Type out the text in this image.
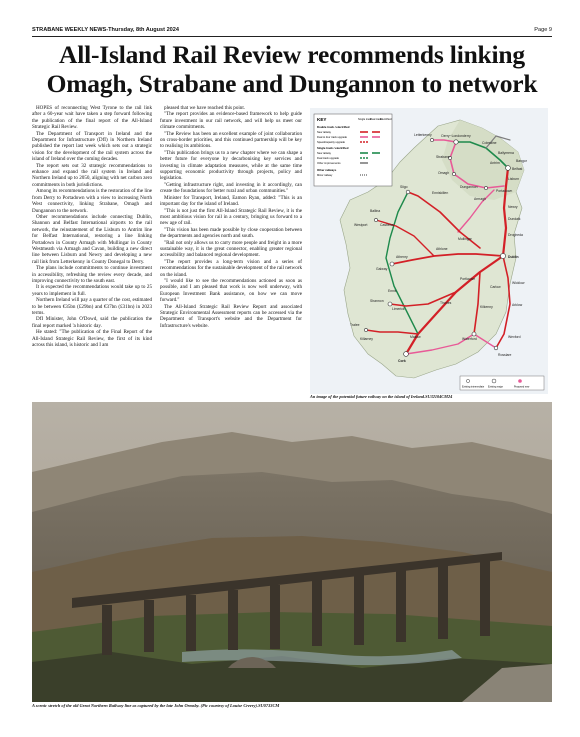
STRABANE WEEKLY NEWS-Thursday, 8th August 2024	Page 9
All-Island Rail Review recommends linking Omagh, Strabane and Dungannon to network

HOPES of reconnecting West Tyrone to the rail link after a 60-year wait have taken a step forward following the publication of the final report of the All-Island Strategic Rail Review.

The Department of Transport in Ireland and the Department for Infrastructure (DfI) in Northern Ireland published the report last week which sets out a strategic vision for the development of the rail system across the island of Ireland over the coming decades.

The report sets out 32 strategic recommendations to enhance and expand the rail system in Ireland and Northern Ireland up to 2050, aligning with net carbon zero commitments in both jurisdictions.

Among its recommendations is the restoration of the line from Derry to Portadown with a view to increasing North West connectivity, linking Strabane, Omagh and Dungannon to the network.

Other recommendations include connecting Dublin, Shannon and Belfast International airports to the rail network, the reinstatement of the Lisburn to Antrim line for Belfast International, restoring a line linking Portadown in County Armagh with Mullingar in County Westmeath via Armagh and Cavan, building a new direct line between Lisburn and Newry and developing a new rail link from Letterkenny in County Donegal to Derry.

The plans include commitments to continue investment in accessibility, refreshing the review every decade, and improving connectivity to the south east.

It is expected the recommendations would take up to 25 years to implement in full.

Northern Ireland will pay a quarter of the cost, estimated to be between €35bn (£29bn) and €37bn (£31bn) in 2023 terms.

DfI Minister, John O'Dowd, said the publication the final report marked 'a historic day.

He stated: "The publication of the Final Report of the All-Island Strategic Rail Review, the first of its kind across this island, is historic and I am

pleased that we have reached this point.

"The report provides an evidence-based framework to help guide future investment in our rail network, and will help us meet our climate commitments.

"The Review has been an excellent example of joint collaboration on cross-border priorities, and this continued partnership will be key to realising its ambitions.

"This publication brings us to a new chapter where we can shape a better future for everyone by decarbonising key services and investing in climate adaptation measures, while at the same time supporting economic productivity through projects, policy and legislation.

"Getting infrastructure right, and investing in it accordingly, can create the foundations for better rural and urban communities."

Minister for Transport, Ireland, Eamon Ryan, added: "This is an important day for the island of Ireland.

"This is not just the first All-Island Strategic Rail Review, it is the most ambitious vision for rail in a century, bringing us forward to a new age of rail.

"This vision has been made possible by close cooperation between the departments and agencies north and south.

"Rail not only allows us to carry more people and freight in a more sustainable way, it is the great connector, enabling greater regional accessibility and balanced regional development.

"The report provides a long-term vision and a series of recommendations for the sustainable development of the rail network on the island.

"I would like to see the recommendations actioned as soon as possible, and I am pleased that work is now well underway, with European Investment Bank assistance, on how we can move forward."

The All-Island Strategic Rail Review Report and associated Strategic Environmental Assessment reports can be accessed via the Department of Transport's website and the Department for Infrastructure's website.

Derry~Londonderry
Letterkenny
Strabane
Omagh
Coleraine
Ballymena
Antrim
Belfast
Bangor
Lisburn
Portadown
Dungannon
Armagh
Newry
Enniskillen
Sligo
Ballina
Castlebar
Westport
Athlone
Mullingar
Dundalk
Drogheda
Dublin
Galway
Athenry
Ennis
Limerick
Shannon
Tralee
Killarney	Mallow
Cork
Waterford
Rosslare
Wexford
Kilkenny
Carlow
Portlaoise
Thurles
Wicklow
Arklow
KEY	Single track
Dual track
Electrified
Double track / electrified
New railway
Dual to four track upgrade
Speed/capacity upgrade
Single track / electrified
New railway
Dual track upgrade
Other improvements
Other railways
Minor railway
Existing intermediate Existing major	Proposed new
An image of the potential future railway on the island of Ireland.SU32104CM24
A scenic stretch of the old Great Northern Railway line as captured by the late John Ormsby. (Pic courtesy of Louise Creery).SU0733CM
